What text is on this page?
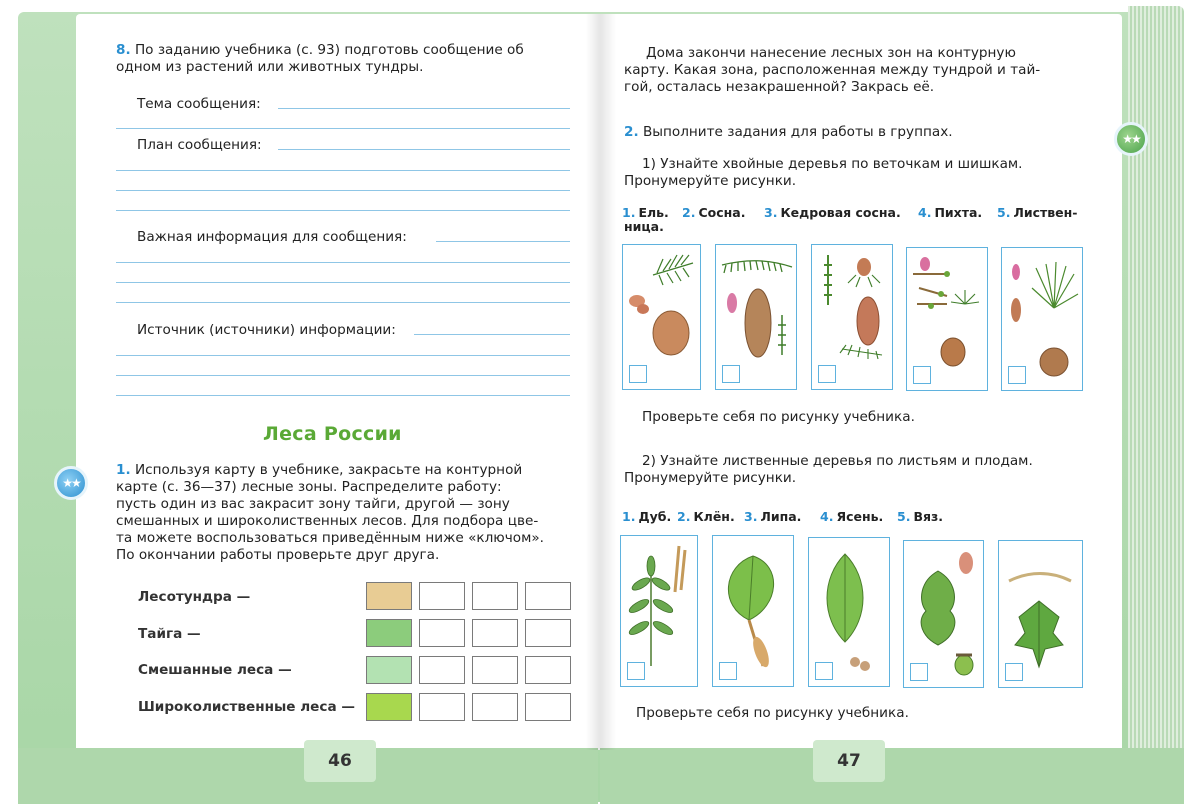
8. По заданию учебника (с. 93) подготовь сообщение об
одном из растений или животных тундры.
Тема сообщения:
План сообщения:
Важная информация для сообщения:
Источник (источники) информации:
Леса России
★★
1. Используя карту в учебнике, закрасьте на контурной
карте (с. 36—37) лесные зоны. Распределите работу:
пусть один из вас закрасит зону тайги, другой — зону
смешанных и широколиственных лесов. Для подбора цве-
та можете воспользоваться приведённым ниже «ключом».
По окончании работы проверьте друг друга.
Лесотундра —
Тайга —
Смешанные леса —
Широколиственные леса —
46
Дома закончи нанесение лесных зон на контурную
карту. Какая зона, расположенная между тундрой и тай-
гой, осталась незакрашенной? Закрась её.
2. Выполните задания для работы в группах.	★★
1) Узнайте хвойные деревья по веточкам и шишкам.
Пронумеруйте рисунки.
1. Ель. 2. Сосна. 3. Кедровая сосна. 4. Пихта. 5. Листвен-
ница.
Проверьте себя по рисунку учебника.
2) Узнайте лиственные деревья по листьям и плодам.
Пронумеруйте рисунки.
1. Дуб. 2. Клён. 3. Липа. 4. Ясень. 5. Вяз.
Проверьте себя по рисунку учебника.
47
